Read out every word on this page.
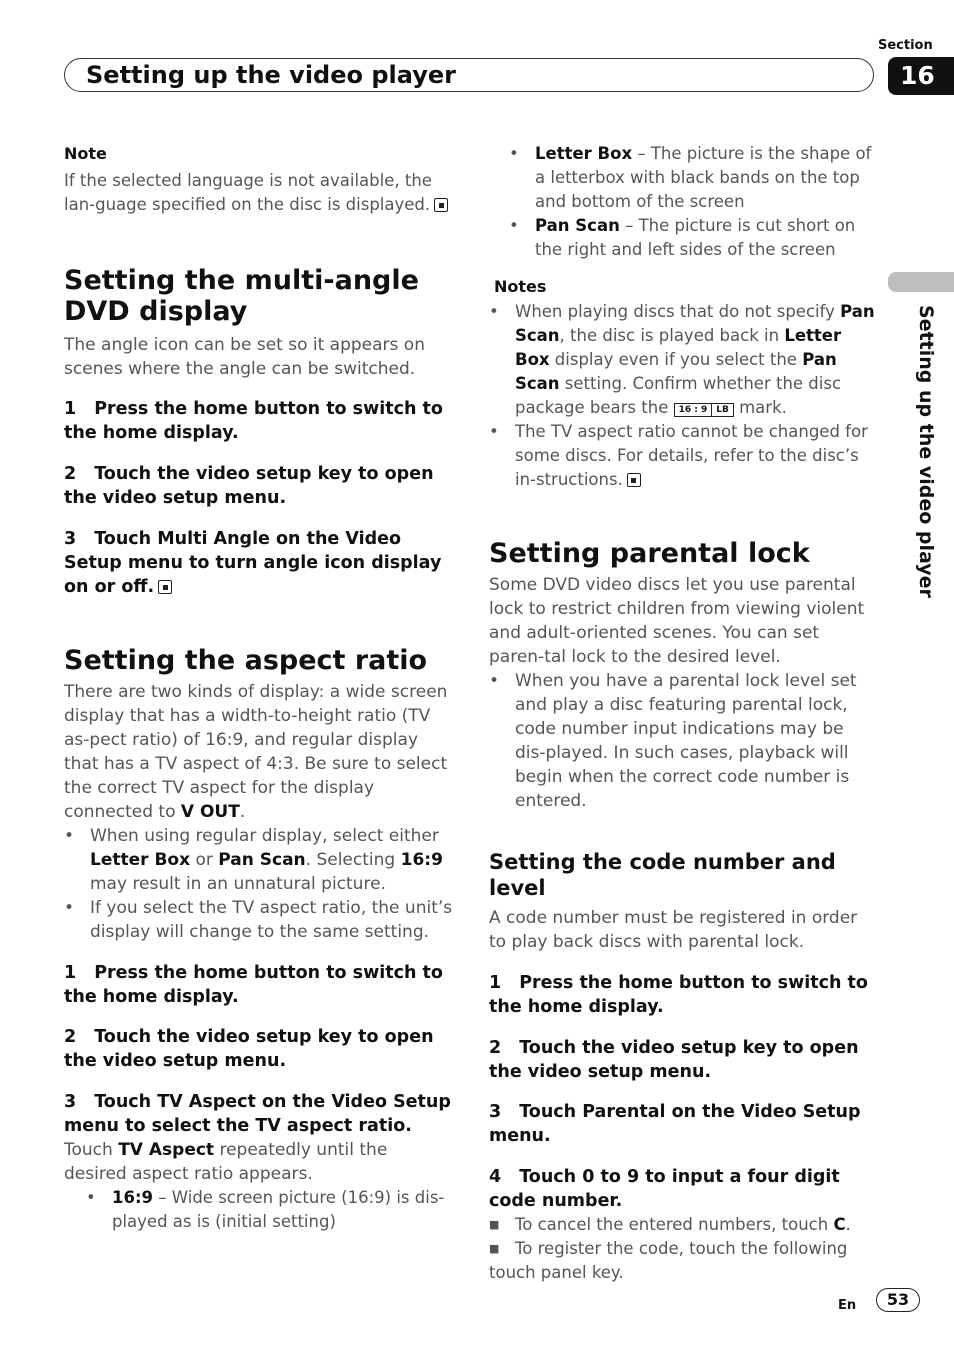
Section
16
Setting up the video player
Setting up the video player

Note

If the selected language is not available, the lan-guage specified on the disc is displayed.

Setting the multi-angle DVD display

The angle icon can be set so it appears on scenes where the angle can be switched.

1 Press the home button to switch to the home display.

2 Touch the video setup key to open the video setup menu.

3 Touch Multi Angle on the Video Setup menu to turn angle icon display on or off.

Setting the aspect ratio

There are two kinds of display: a wide screen display that has a width-to-height ratio (TV as-pect ratio) of 16:9, and regular display that has a TV aspect of 4:3. Be sure to select the correct TV aspect for the display connected to V OUT.

• When using regular display, select either Letter Box or Pan Scan. Selecting 16:9 may result in an unnatural picture.

• If you select the TV aspect ratio, the unit’s display will change to the same setting.

1 Press the home button to switch to the home display.

2 Touch the video setup key to open the video setup menu.

3 Touch TV Aspect on the Video Setup menu to select the TV aspect ratio.

Touch TV Aspect repeatedly until the desired aspect ratio appears.

• 16:9 – Wide screen picture (16:9) is dis-played as is (initial setting)

• Letter Box – The picture is the shape of a letterbox with black bands on the top and bottom of the screen

• Pan Scan – The picture is cut short on the right and left sides of the screen

Notes

• When playing discs that do not specify Pan Scan, the disc is played back in Letter Box display even if you select the Pan Scan setting. Confirm whether the disc package bears the 16 : 9	LB mark.

• The TV aspect ratio cannot be changed for some discs. For details, refer to the disc’s in-structions.

Setting parental lock

Some DVD video discs let you use parental lock to restrict children from viewing violent and adult-oriented scenes. You can set paren-tal lock to the desired level.

• When you have a parental lock level set and play a disc featuring parental lock, code number input indications may be dis-played. In such cases, playback will begin when the correct code number is entered.

Setting the code number and level

A code number must be registered in order to play back discs with parental lock.

1 Press the home button to switch to the home display.

2 Touch the video setup key to open the video setup menu.

3 Touch Parental on the Video Setup menu.

4 Touch 0 to 9 to input a four digit code number.

■ To cancel the entered numbers, touch C.

■ To register the code, touch the following touch panel key.

En	53
